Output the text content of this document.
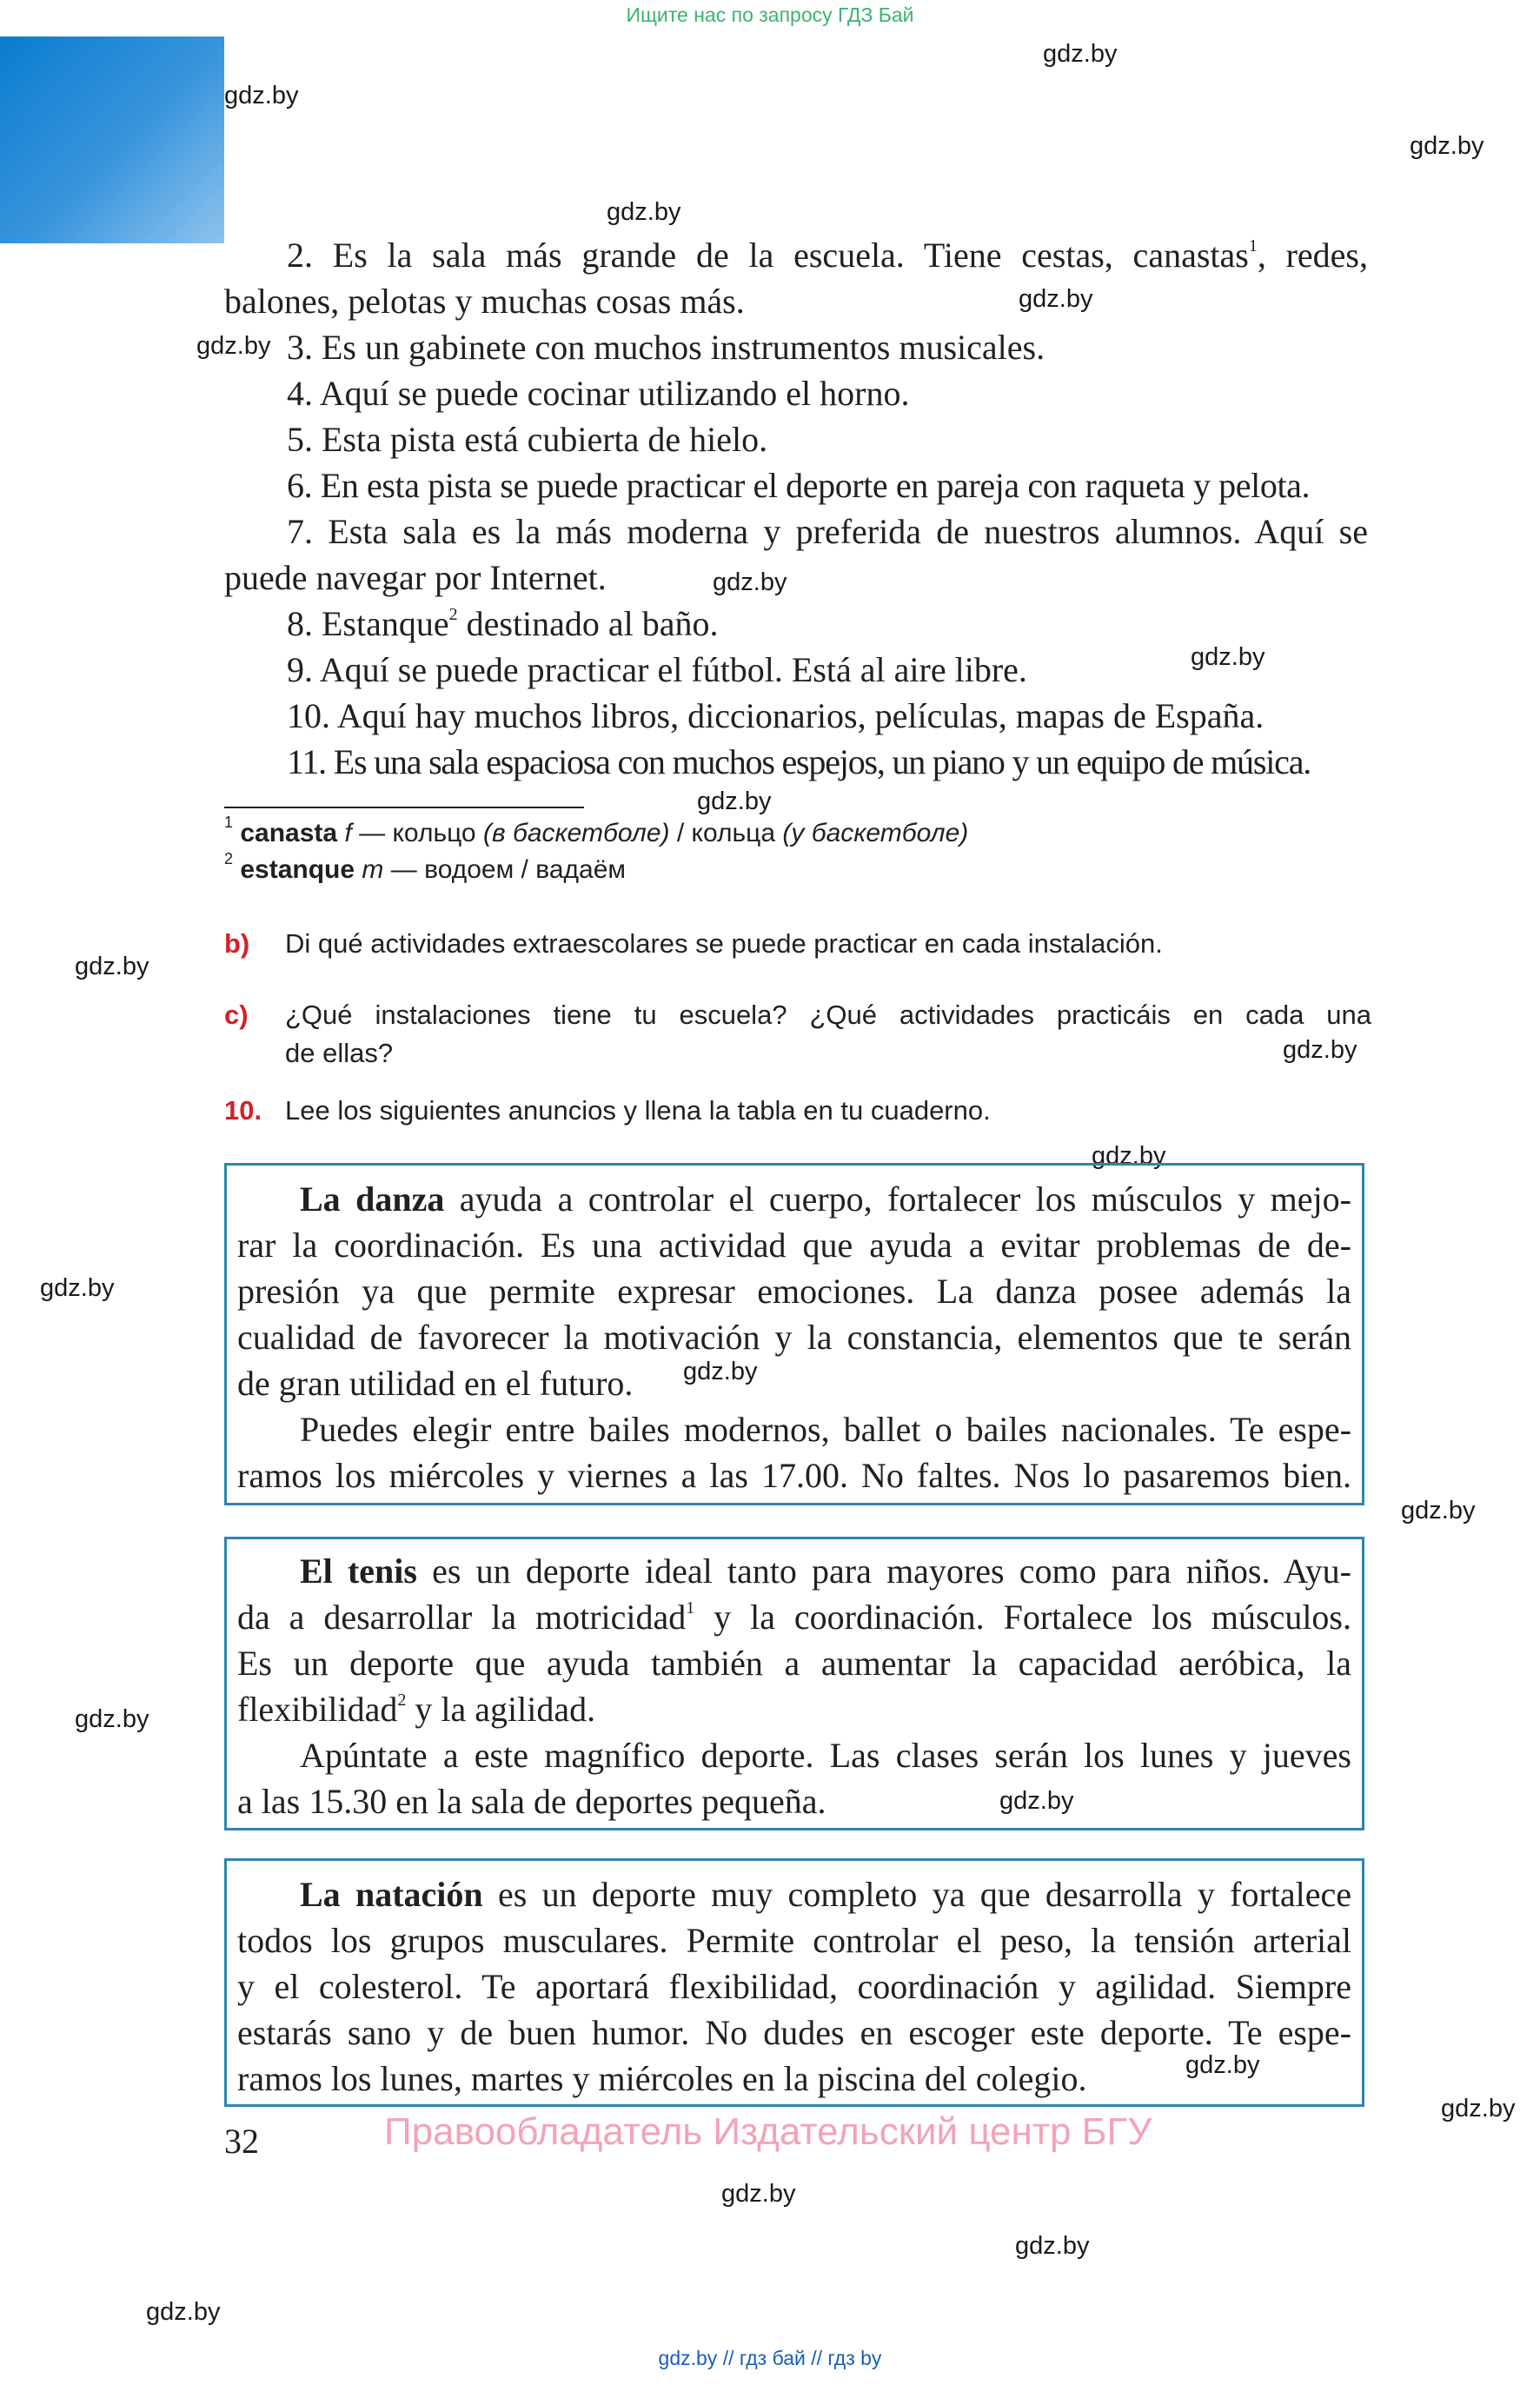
Ищите нас по запросу ГДЗ Бай
gdz.by
gdz.by
gdz.by
gdz.by
gdz.by
gdz.by
gdz.by
gdz.by
gdz.by
gdz.by
gdz.by
gdz.by
gdz.by
gdz.by
gdz.by
gdz.by
gdz.by
gdz.by
gdz.by
gdz.by
gdz.by
gdz.by
2. Es la sala más grande de la escuela. Tiene cestas, canastas$^1$, redes,
balones, pelotas y muchas cosas más.
3. Es un gabinete con muchos instrumentos musicales.
4. Aquí se puede cocinar utilizando el horno.
5. Esta pista está cubierta de hielo.
6. En esta pista se puede practicar el deporte en pareja con raqueta y pelota.
7. Esta sala es la más moderna y preferida de nuestros alumnos. Aquí se
puede navegar por Internet.
8. Estanque$^2$ destinado al baño.
9. Aquí se puede practicar el fútbol. Está al aire libre.
10. Aquí hay muchos libros, diccionarios, películas, mapas de España.
11. Es una sala espaciosa con muchos espejos, un piano y un equipo de música.
$^1$ canasta f — кольцо (в баскетболе) / кольца (у баскетболе)
$^2$ estanque m — водоем / вадаём
b) Di qué actividades extraescolares se puede practicar en cada instalación.
c) ¿Qué instalaciones tiene tu escuela? ¿Qué actividades practicáis en cada una
de ellas?
10. Lee los siguientes anuncios y llena la tabla en tu cuaderno.
La danza ayuda a controlar el cuerpo, fortalecer los músculos y mejo-
rar la coordinación. Es una actividad que ayuda a evitar problemas de de-
presión ya que permite expresar emociones. La danza posee además la
cualidad de favorecer la motivación y la constancia, elementos que te serán
de gran utilidad en el futuro.
Puedes elegir entre bailes modernos, ballet o bailes nacionales. Te espe-
ramos los miércoles y viernes a las 17.00. No faltes. Nos lo pasaremos bien.
El tenis es un deporte ideal tanto para mayores como para niños. Ayu-
da a desarrollar la motricidad$^1$ y la coordinación. Fortalece los músculos.
Es un deporte que ayuda también a aumentar la capacidad aeróbica, la
flexibilidad$^2$ y la agilidad.
Apúntate a este magnífico deporte. Las clases serán los lunes y jueves
a las 15.30 en la sala de deportes pequeña.
La natación es un deporte muy completo ya que desarrolla y fortalece
todos los grupos musculares. Permite controlar el peso, la tensión arterial
y el colesterol. Te aportará flexibilidad, coordinación y agilidad. Siempre
estarás sano y de buen humor. No dudes en escoger este deporte. Te espe-
ramos los lunes, martes y miércoles en la piscina del colegio.
32	Правообладатель Издательский центр БГУ
gdz.by // гдз бай // гдз by
